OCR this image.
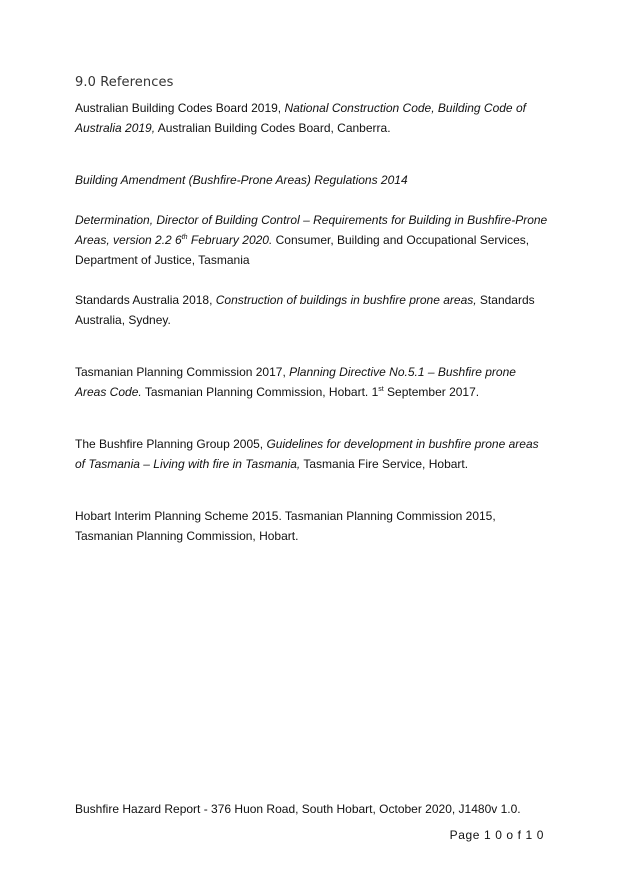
9.0 References
Australian Building Codes Board 2019, National Construction Code, Building Code of Australia 2019, Australian Building Codes Board, Canberra.
Building Amendment (Bushfire-Prone Areas) Regulations 2014
Determination, Director of Building Control – Requirements for Building in Bushfire-Prone Areas, version 2.2 6th February 2020. Consumer, Building and Occupational Services, Department of Justice, Tasmania
Standards Australia 2018, Construction of buildings in bushfire prone areas, Standards Australia, Sydney.
Tasmanian Planning Commission 2017, Planning Directive No.5.1 – Bushfire prone Areas Code. Tasmanian Planning Commission, Hobart. 1st September 2017.
The Bushfire Planning Group 2005, Guidelines for development in bushfire prone areas of Tasmania – Living with fire in Tasmania, Tasmania Fire Service, Hobart.
Hobart Interim Planning Scheme 2015. Tasmanian Planning Commission 2015, Tasmanian Planning Commission, Hobart.
Bushfire Hazard Report - 376 Huon Road, South Hobart, October 2020, J1480v 1.0.
Page 1 0 o f 1 0
